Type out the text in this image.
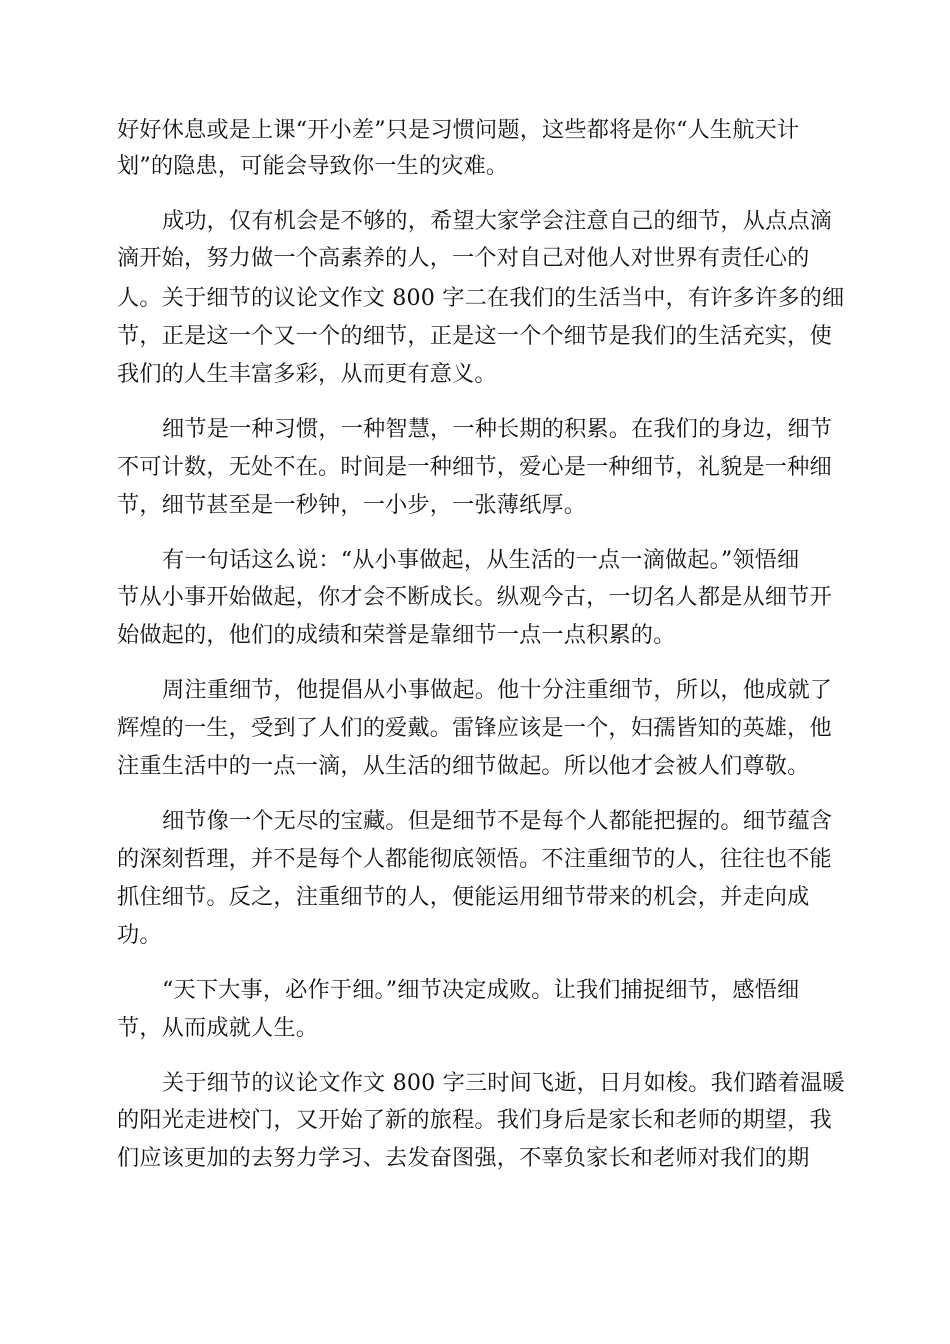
好好休息或是上课“开小差”只是习惯问题，这些都将是你“人生航天计
划”的隐患，可能会导致你一生的灾难。
成功，仅有机会是不够的，希望大家学会注意自己的细节，从点点滴
滴开始，努力做一个高素养的人，一个对自己对他人对世界有责任心的
人。关于细节的议论文作文 800 字二在我们的生活当中，有许多许多的细
节，正是这一个又一个的细节，正是这一个个细节是我们的生活充实，使
我们的人生丰富多彩，从而更有意义。
细节是一种习惯，一种智慧，一种长期的积累。在我们的身边，细节
不可计数，无处不在。时间是一种细节，爱心是一种细节，礼貌是一种细
节，细节甚至是一秒钟，一小步，一张薄纸厚。
有一句话这么说：“从小事做起，从生活的一点一滴做起。”领悟细
节从小事开始做起，你才会不断成长。纵观今古，一切名人都是从细节开
始做起的，他们的成绩和荣誉是靠细节一点一点积累的。
周注重细节，他提倡从小事做起。他十分注重细节，所以，他成就了
辉煌的一生，受到了人们的爱戴。雷锋应该是一个，妇孺皆知的英雄，他
注重生活中的一点一滴，从生活的细节做起。所以他才会被人们尊敬。
细节像一个无尽的宝藏。但是细节不是每个人都能把握的。细节蕴含
的深刻哲理，并不是每个人都能彻底领悟。不注重细节的人，往往也不能
抓住细节。反之，注重细节的人，便能运用细节带来的机会，并走向成
功。
“天下大事，必作于细。”细节决定成败。让我们捕捉细节，感悟细
节，从而成就人生。
关于细节的议论文作文 800 字三时间飞逝，日月如梭。我们踏着温暖
的阳光走进校门，又开始了新的旅程。我们身后是家长和老师的期望，我
们应该更加的去努力学习、去发奋图强，不辜负家长和老师对我们的期
